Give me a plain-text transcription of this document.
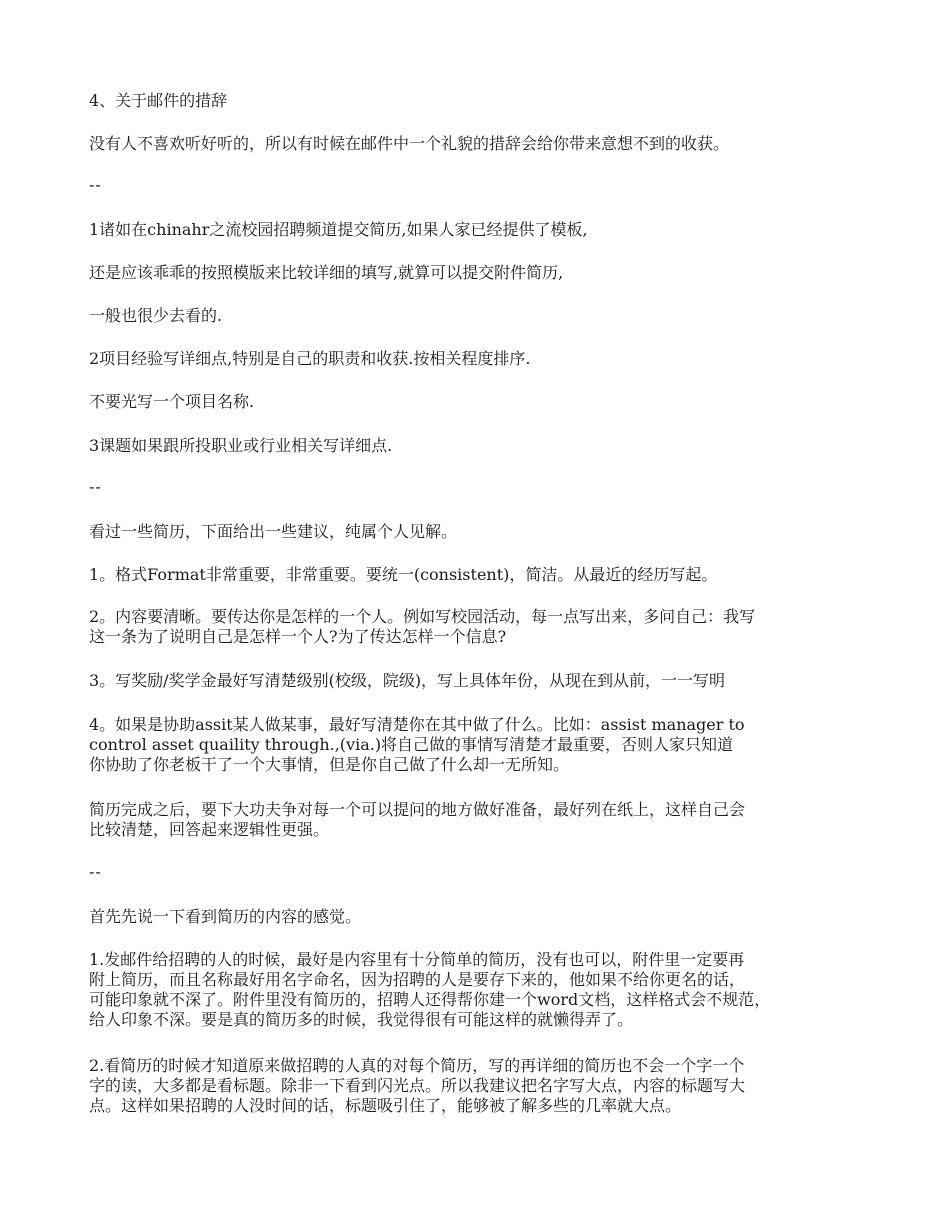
4、关于邮件的措辞

没有人不喜欢听好听的，所以有时候在邮件中一个礼貌的措辞会给你带来意想不到的收获。

--

1诸如在chinahr之流校园招聘频道提交简历,如果人家已经提供了模板,

还是应该乖乖的按照模版来比较详细的填写,就算可以提交附件简历,

一般也很少去看的.

2项目经验写详细点,特别是自己的职责和收获.按相关程度排序.

不要光写一个项目名称.

3课题如果跟所投职业或行业相关写详细点.

--

看过一些简历，下面给出一些建议，纯属个人见解。

1。格式Format非常重要，非常重要。要统一(consistent)，简洁。从最近的经历写起。

2。内容要清晰。要传达你是怎样的一个人。例如写校园活动，每一点写出来，多问自己：我写
这一条为了说明自己是怎样一个人?为了传达怎样一个信息?

3。写奖励/奖学金最好写清楚级别(校级，院级)，写上具体年份，从现在到从前，一一写明

4。如果是协助assit某人做某事，最好写清楚你在其中做了什么。比如：assist manager to
control asset quaility through.,(via.)将自己做的事情写清楚才最重要，否则人家只知道
你协助了你老板干了一个大事情，但是你自己做了什么却一无所知。

简历完成之后，要下大功夫争对每一个可以提问的地方做好准备，最好列在纸上，这样自己会
比较清楚，回答起来逻辑性更强。

--

首先先说一下看到简历的内容的感觉。

1.发邮件给招聘的人的时候，最好是内容里有十分简单的简历，没有也可以，附件里一定要再
附上简历，而且名称最好用名字命名，因为招聘的人是要存下来的，他如果不给你更名的话，
可能印象就不深了。附件里没有简历的，招聘人还得帮你建一个word文档，这样格式会不规范，
给人印象不深。要是真的简历多的时候，我觉得很有可能这样的就懒得弄了。

2.看简历的时候才知道原来做招聘的人真的对每个简历，写的再详细的简历也不会一个字一个
字的读，大多都是看标题。除非一下看到闪光点。所以我建议把名字写大点，内容的标题写大
点。这样如果招聘的人没时间的话，标题吸引住了，能够被了解多些的几率就大点。
